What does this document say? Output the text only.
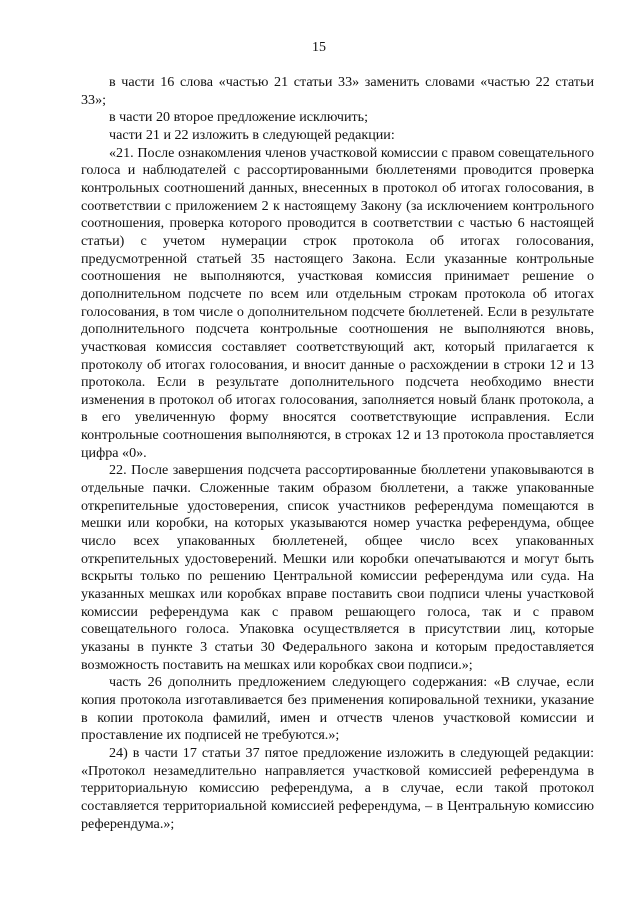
15

в части 16 слова «частью 21 статьи 33» заменить словами «частью 22 статьи 33»;

в части 20 второе предложение исключить;

части 21 и 22 изложить в следующей редакции:

«21. После ознакомления членов участковой комиссии с правом совещательного голоса и наблюдателей с рассортированными бюллетенями проводится проверка контрольных соотношений данных, внесенных в протокол об итогах голосования, в соответствии с приложением 2 к настоящему Закону (за исключением контрольного соотношения, проверка которого проводится в соответствии с частью 6 настоящей статьи) с учетом нумерации строк протокола об итогах голосования, предусмотренной статьей 35 настоящего Закона. Если указанные контрольные соотношения не выполняются, участковая комиссия принимает решение о дополнительном подсчете по всем или отдельным строкам протокола об итогах голосования, в том числе о дополнительном подсчете бюллетеней. Если в результате дополнительного подсчета контрольные соотношения не выполняются вновь, участковая комиссия составляет соответствующий акт, который прилагается к протоколу об итогах голосования, и вносит данные о расхождении в строки 12 и 13 протокола. Если в результате дополнительного подсчета необходимо внести изменения в протокол об итогах голосования, заполняется новый бланк протокола, а в его увеличенную форму вносятся соответствующие исправления. Если контрольные соотношения выполняются, в строках 12 и 13 протокола проставляется цифра «0».

22. После завершения подсчета рассортированные бюллетени упаковываются в отдельные пачки. Сложенные таким образом бюллетени, а также упакованные открепительные удостоверения, список участников референдума помещаются в мешки или коробки, на которых указываются номер участка референдума, общее число всех упакованных бюллетеней, общее число всех упакованных открепительных удостоверений. Мешки или коробки опечатываются и могут быть вскрыты только по решению Центральной комиссии референдума или суда. На указанных мешках или коробках вправе поставить свои подписи члены участковой комиссии референдума как с правом решающего голоса, так и с правом совещательного голоса. Упаковка осуществляется в присутствии лиц, которые указаны в пункте 3 статьи 30 Федерального закона и которым предоставляется возможность поставить на мешках или коробках свои подписи.»;

часть 26 дополнить предложением следующего содержания: «В случае, если копия протокола изготавливается без применения копировальной техники, указание в копии протокола фамилий, имен и отчеств членов участковой комиссии и проставление их подписей не требуются.»;

24) в части 17 статьи 37 пятое предложение изложить в следующей редакции: «Протокол незамедлительно направляется участковой комиссией референдума в территориальную комиссию референдума, а в случае, если такой протокол составляется территориальной комиссией референдума, – в Центральную комиссию референдума.»;
